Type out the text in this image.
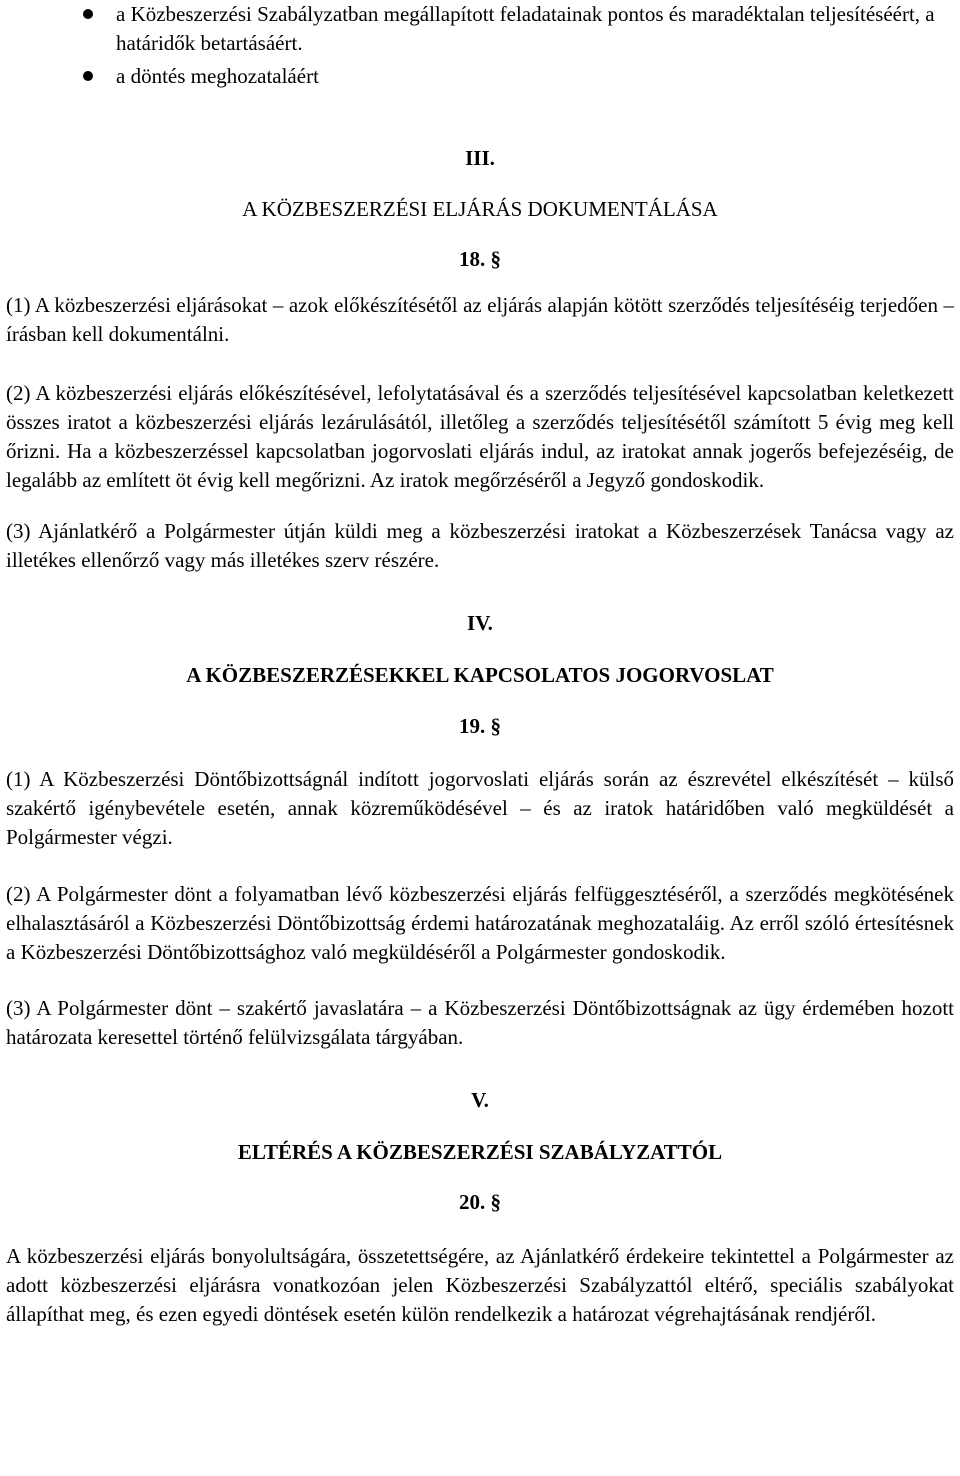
a Közbeszerzési Szabályzatban megállapított feladatainak pontos és maradéktalan teljesítéséért, a határidők betartásáért.
a döntés meghozataláért
III.
A KÖZBESZERZÉSI ELJÁRÁS DOKUMENTÁLÁSA
18. §

(1) A közbeszerzési eljárásokat – azok előkészítésétől az eljárás alapján kötött szerződés teljesítéséig terjedően – írásban kell dokumentálni.

(2) A közbeszerzési eljárás előkészítésével, lefolytatásával és a szerződés teljesítésével kapcsolatban keletkezett összes iratot a közbeszerzési eljárás lezárulásától, illetőleg a szerződés teljesítésétől számított 5 évig meg kell őrizni. Ha a közbeszerzéssel kapcsolatban jogorvoslati eljárás indul, az iratokat annak jogerős befejezéséig, de legalább az említett öt évig kell megőrizni. Az iratok megőrzéséről a Jegyző gondoskodik.

(3) Ajánlatkérő a Polgármester útján küldi meg a közbeszerzési iratokat a Közbeszerzések Tanácsa vagy az illetékes ellenőrző vagy más illetékes szerv részére.

IV.
A KÖZBESZERZÉSEKKEL KAPCSOLATOS JOGORVOSLAT
19. §

(1) A Közbeszerzési Döntőbizottságnál indított jogorvoslati eljárás során az észrevétel elkészítését – külső szakértő igénybevétele esetén, annak közreműködésével – és az iratok határidőben való megküldését a Polgármester végzi.

(2) A Polgármester dönt a folyamatban lévő közbeszerzési eljárás felfüggesztéséről, a szerződés megkötésének elhalasztásáról a Közbeszerzési Döntőbizottság érdemi határozatának meghozataláig. Az erről szóló értesítésnek a Közbeszerzési Döntőbizottsághoz való megküldéséről a Polgármester gondoskodik.

(3) A Polgármester dönt – szakértő javaslatára – a Közbeszerzési Döntőbizottságnak az ügy érdemében hozott határozata keresettel történő felülvizsgálata tárgyában.

V.
ELTÉRÉS A KÖZBESZERZÉSI SZABÁLYZATTÓL
20. §

A közbeszerzési eljárás bonyolultságára, összetettségére, az Ajánlatkérő érdekeire tekintettel a Polgármester az adott közbeszerzési eljárásra vonatkozóan jelen Közbeszerzési Szabályzattól eltérő, speciális szabályokat állapíthat meg, és ezen egyedi döntések esetén külön rendelkezik a határozat végrehajtásának rendjéről.
